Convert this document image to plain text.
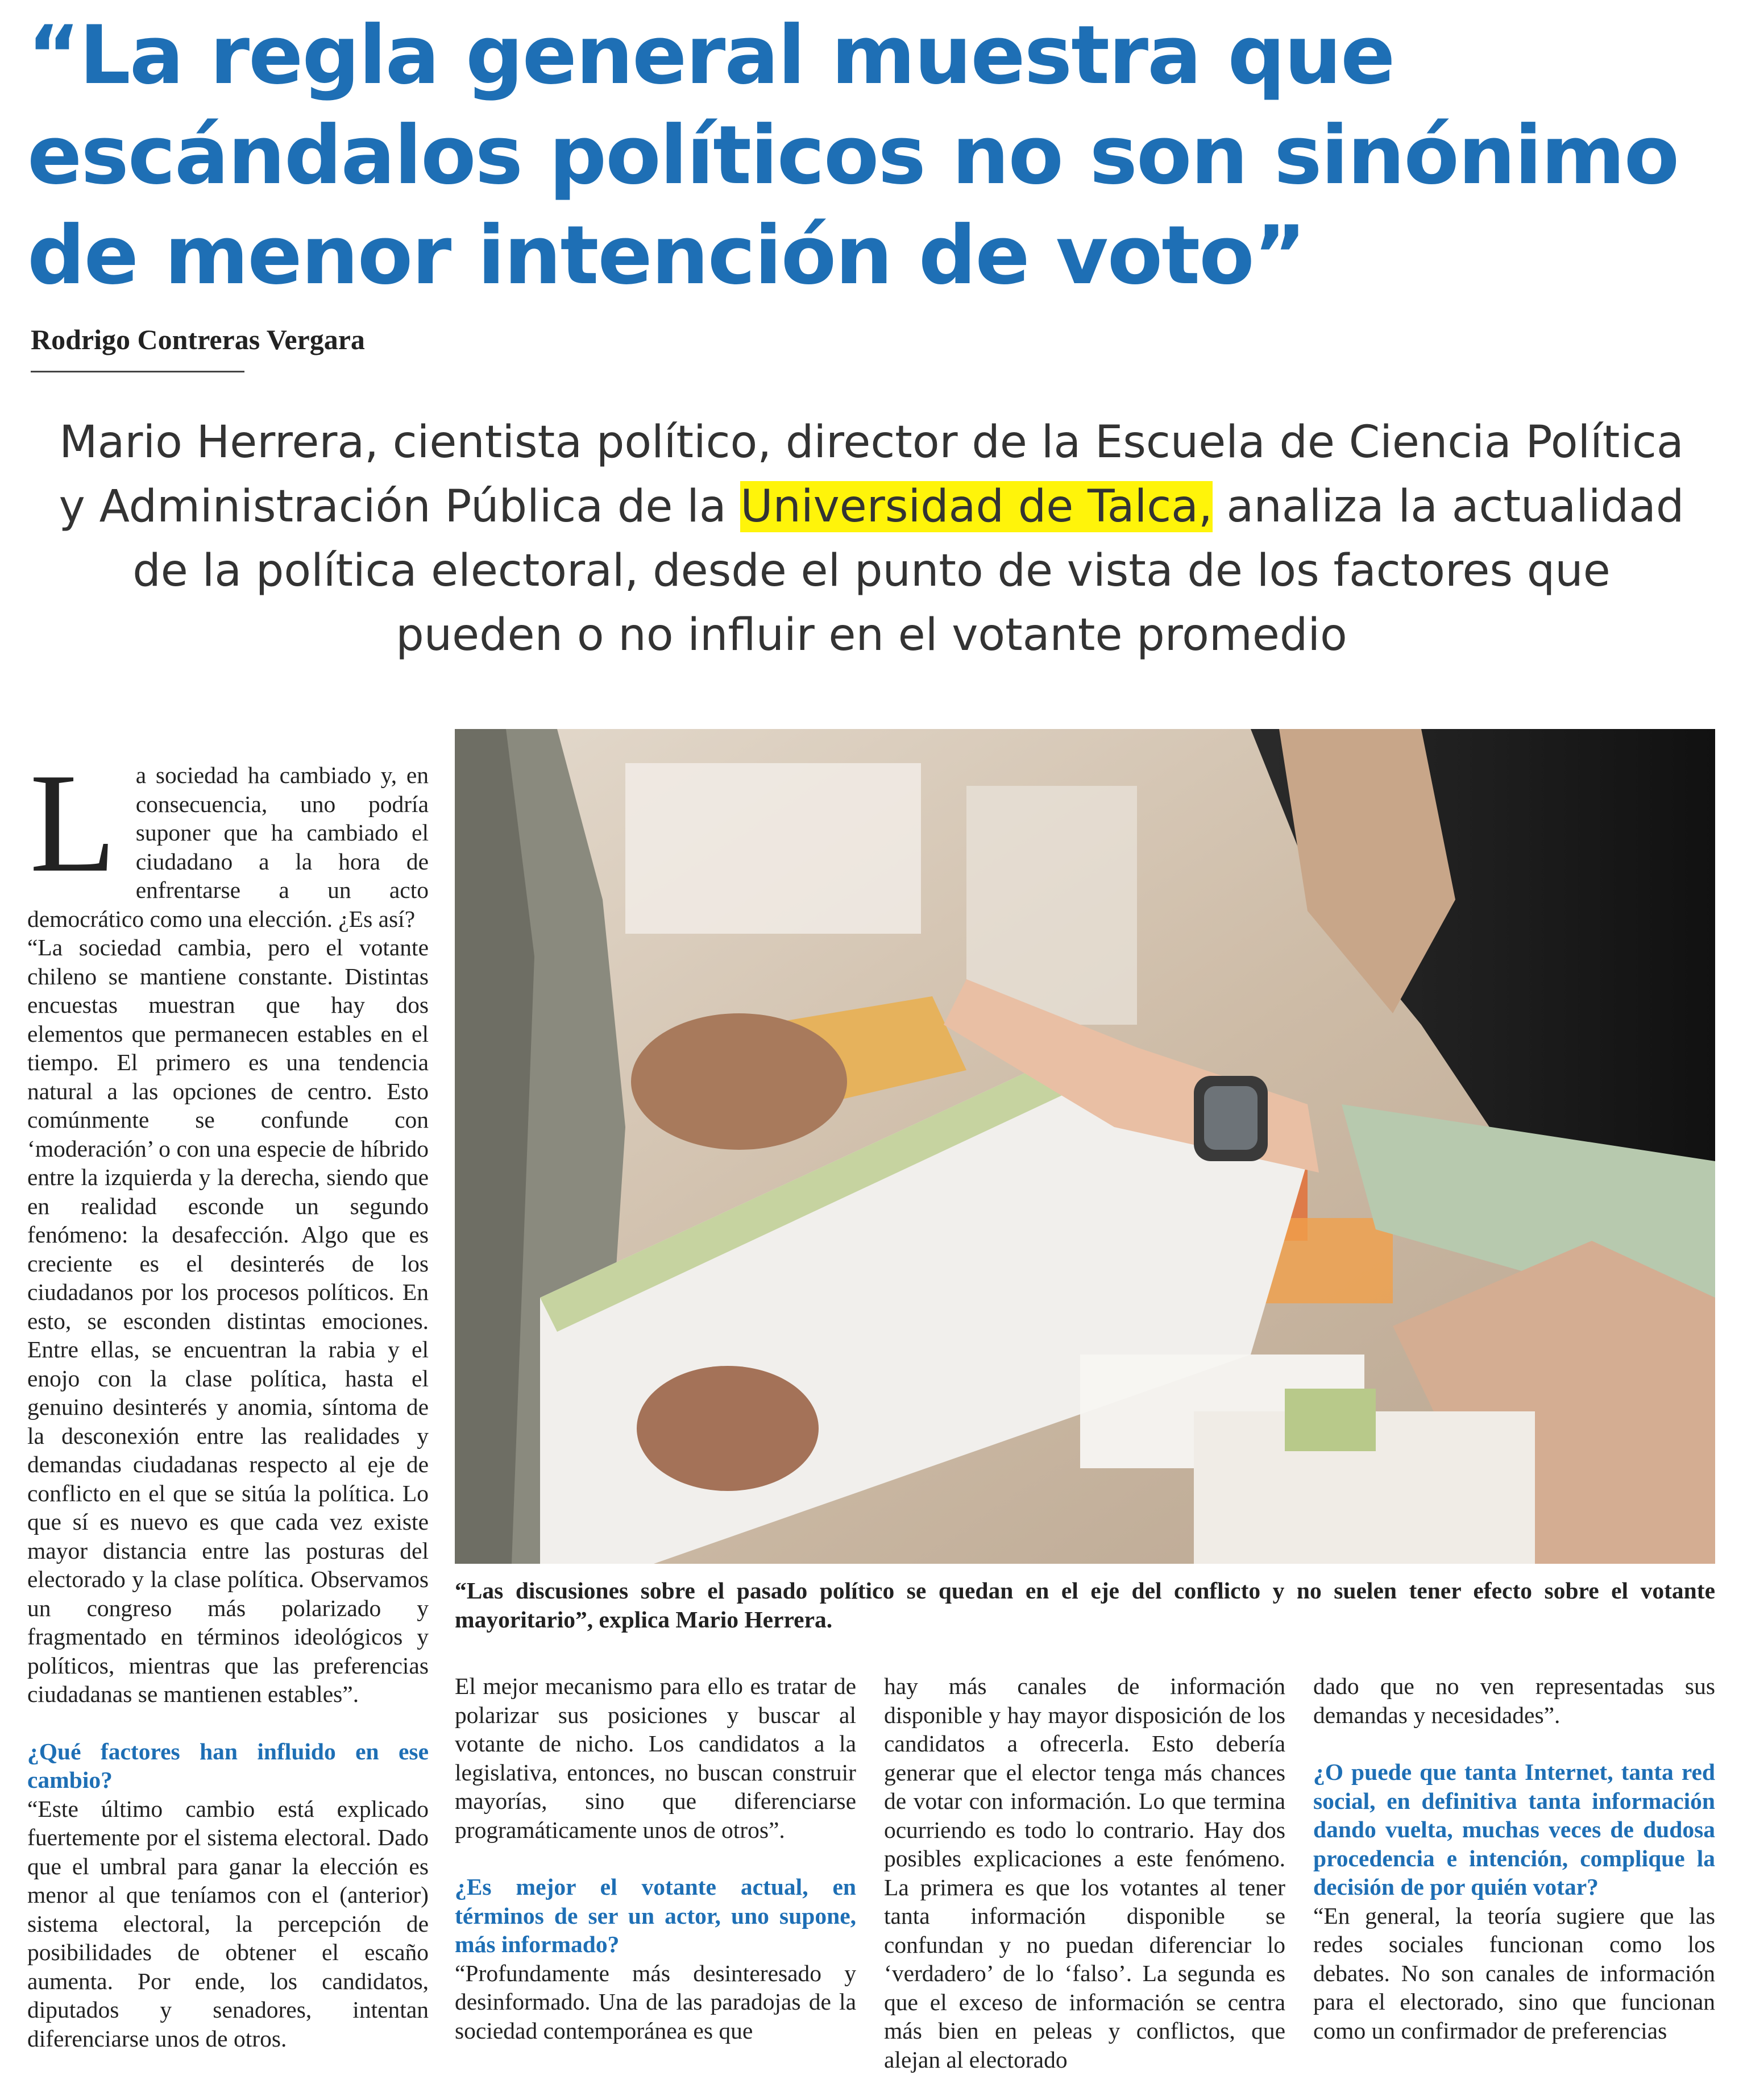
“La regla general muestra que escándalos políticos no son sinónimo de menor intención de voto”
Rodrigo Contreras Vergara

Mario Herrera, cientista político, director de la Escuela de Ciencia Política y Administración Pública de la Universidad de Talca, analiza la actualidad de la política electoral, desde el punto de vista de los factores que pueden o no influir en el votante promedio

L a sociedad ha cambiado y, en consecuencia, uno podría suponer que ha cambiado el ciudadano a la hora de enfrentarse a un acto democrático como una elección. ¿Es así?

“La sociedad cambia, pero el votante chileno se mantiene constante. Distintas encuestas muestran que hay dos elementos que permanecen estables en el tiempo. El primero es una tendencia natural a las opciones de centro. Esto comúnmente se confunde con ‘moderación’ o con una especie de híbrido entre la izquierda y la derecha, siendo que en realidad esconde un segundo fenómeno: la desafección. Algo que es creciente es el desinterés de los ciudadanos por los procesos políticos. En esto, se esconden distintas emociones. Entre ellas, se encuentran la rabia y el enojo con la clase política, hasta el genuino desinterés y anomia, síntoma de la desconexión entre las realidades y demandas ciudadanas respecto al eje de conflicto en el que se sitúa la política. Lo que sí es nuevo es que cada vez existe mayor distancia entre las posturas del electorado y la clase política. Observamos un congreso más polarizado y fragmentado en términos ideológicos y políticos, mientras que las preferencias ciudadanas se mantienen estables”.

¿Qué factores han influido en ese cambio?

“Este último cambio está explicado fuertemente por el sistema electoral. Dado que el umbral para ganar la elección es menor al que teníamos con el (anterior) sistema electoral, la percepción de posibilidades de obtener el escaño aumenta. Por ende, los candidatos, diputados y senadores, intentan diferenciarse unos de otros.

“Las discusiones sobre el pasado político se quedan en el eje del conflicto y no suelen tener efecto sobre el votante mayoritario”, explica Mario Herrera.

El mejor mecanismo para ello es tratar de polarizar sus posiciones y buscar al votante de nicho. Los candidatos a la legislativa, entonces, no buscan construir mayorías, sino que diferenciarse programáticamente unos de otros”.

¿Es mejor el votante actual, en términos de ser un actor, uno supone, más informado?

“Profundamente más desinteresado y desinformado. Una de las paradojas de la sociedad contemporánea es que

hay más canales de información disponible y hay mayor disposición de los candidatos a ofrecerla. Esto debería generar que el elector tenga más chances de votar con información. Lo que termina ocurriendo es todo lo contrario. Hay dos posibles explicaciones a este fenómeno. La primera es que los votantes al tener tanta información disponible se confundan y no puedan diferenciar lo ‘verdadero’ de lo ‘falso’. La segunda es que el exceso de información se centra más bien en peleas y conflictos, que alejan al electorado

dado que no ven representadas sus demandas y necesidades”.

¿O puede que tanta Internet, tanta red social, en definitiva tanta información dando vuelta, muchas veces de dudosa procedencia e intención, complique la decisión de por quién votar?

“En general, la teoría sugiere que las redes sociales funcionan como los debates. No son canales de información para el electorado, sino que funcionan como un confirmador de preferencias
